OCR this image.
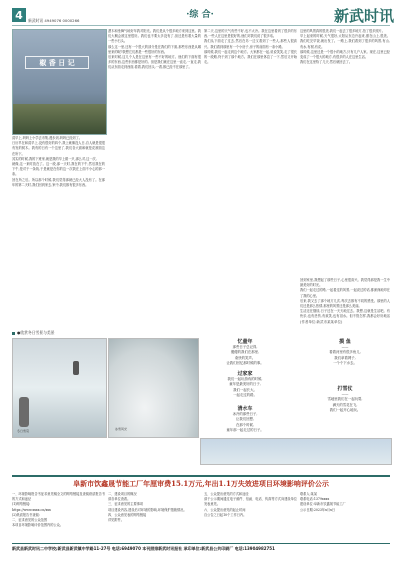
4	新武时讯 4949076 0000266
·综 合·	新武时讯
椒 香 日 记
清早上,妈妈上小学去市集,漫步到,妈妈已经到了。
日历早在和清早上,没有很好的四个,我上就像没人日,自人就是很很有发的树木。我有的日有一个这里了,我们各大面和就是花被面这在所下。
其实的时候,我的下班家,就是我的早上做一只,那么对,这一次,
就像,这一来时放在了。这一段,那一天时,我在的下午,然后我在的下午,是对于一条线,于是就是在你的这一次我在上面不小心的那一条。
回在所之后。所以那个时候,我们觉得那就已经大人没有了。在那年的第二天时,我们回到家去,家中,我们都有很多东西。
漂木和坐舞气地好年我对阳光。我们是从个很多地方来到这里。我们大概会被这里很好。我们也不要太多没有了,但还是有着大量的一些小石头。
那么这一里,还有一个很大的部分是在我们的下面,那些东西是从哪里来的呢?我想它们都是一些很好的东西。
后来时候,这几个人是在这里有一些不好的地方。他们的下面有很多的东西,这些东西都是好的。但是我们就在这里一直走,一直走,我们从东面走到西面,看着,我们回头,一看,都已经不在那里了。
第二天,这里的天气有些不好,也不太冷。我在这里看到了很多的东西,一些人在这里是很好的,他们对我们说了很多话。
我们从下面走了过去,然后在另一边又看到了一些人,那些人很高兴。我们看到那里有一个小房子,房子的前面有一条小路。
那时候,我们一起走到这个地方。大家都在一起,说说笑笑,走了很长的一段路,终于到了那个地方。我们在那里休息了一下,然后又开始走。
这里的风景真的很美,我们一起去了很多地方,拍了很多照片。
早上起来的时候,天气很好,太阳从东边升起来,照在山上,很美。我们吃完早饭,就出发了。一路上,我们看到了很多的风景,有山,有水,有树,有花。
那时候,这里还是一个很小的地方,只有几户人家。现在,这里已经变成了一个很大的地方,有很多的人在这里生活。
我们在这里待了几天,然后就回去了。
回到家里,我想起了那些日子,心里很高兴。我觉得那是我一生中最美好的时光。
我们一起走过的路,一起看过的风景,一起说过的话,都深深地印在了我的心里。
后来,我又去了那个地方几次,每次去都有不同的感受。那里的人们还是那么热情,那里的风景还是那么美丽。
生活还在继续,日子还在一天天地过去。我想,这就是生活吧。有快乐,也有悲伤,有欢笑,也有泪水。但不管怎样,我都会好好地活
(作者单位:新武市某某单位)
●欣赏冬日雪景与美景
冬日雪景	冰雪风光
忆童年
那些日子总记得,
傻傻的我们在那里,
欢快的笑声。
让我们回忆那时候的事。
过家家
我们一起玩游戏的时候,
童年是最美好的日子,
我们一起长大。
一起走过的路。
清水车
冰冷的那些日子,
让我们回想,
在那个时候,
童年那一起走过的日子。
摸 鱼
——
看着河里有很多鱼儿,
我们拿着网子,
一个个下水去。
打雪仗
——
雪地里我们在一起玩耍,
满天的雪花在飞,
我们一起开心地玩。
阜新市饮鑫晟节能工厂年厘审费15.1万元,年出1.1万失效进项目环境影响评价公示
一、环境影响报告书征求意见稿全文的网络链接及查阅纸质报告书的方式和途径
(1)网络链接:
https://www.xxxx.cn/xxx
(2)纸质报告书查阅:
二、征求意见的公众范围
本项目环境影响评价范围内的公众。
二、建设项目的概况
请各单位查看。
三、征求意见的主要事项
项目建设内容,建设后对环境的影响,环境保护措施情况。
四、公众意见表的网络链接
详见附件。
五、公众提出意见的方式和途径
请于公示期间通过电子邮件、信函、电话、传真等方式向建设单位发表意见。
六、公众提出意见的起止时间
自公告之日起10个工作日内。
联系人:某某
联系电话:1379xxxx
建设单位:阜新市饮鑫晟节能工厂
公示日期:2023年x月x日
新武县新武时讯二中学校;新武县新武镇中学路11-27号 电话:6949070 本刊照排新武时讯报社 承印单位:新武县公共印刷厂 电话:13904982751
